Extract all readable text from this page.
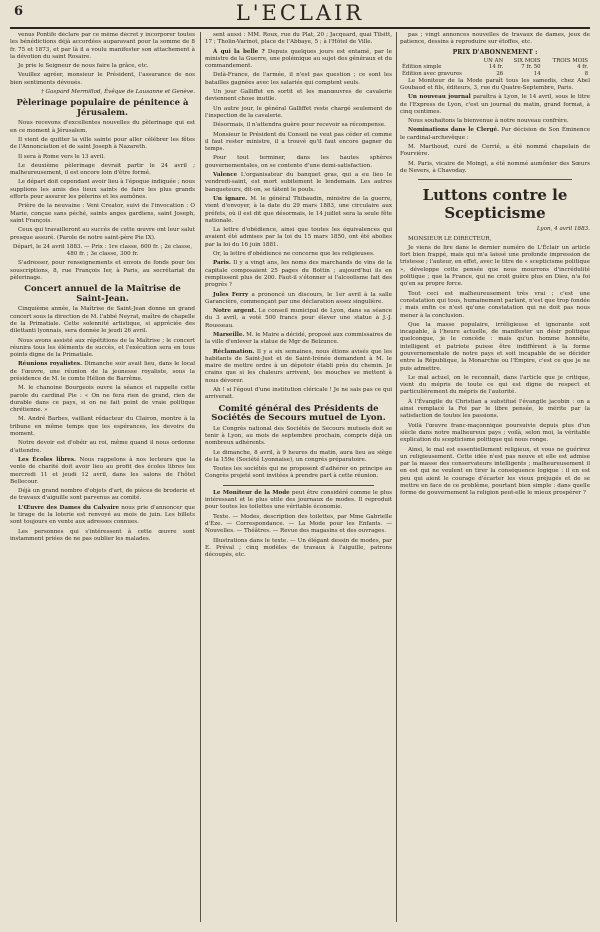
6	L'ECLAIR

venus Pontife déclare par ce même décret y incorporer toutes les bénédictions déjà accordées auparavant pour la somme de 8 fr. 75 et 1873, et par là il a voulu manifester son attachement à la dévotion du saint Rosaire.

Je prie le Seigneur de nous faire la grâce, etc.

Veuillez agréer, monsieur le Président, l'assurance de nos bien sentiments dévoués.

† Gaspard Mermillod, Évêque de Lausanne et Genève.
Pèlerinage populaire de pénitence à Jérusalem.

Nous recevons d'excellentes nouvelles du pèlerinage qui est en ce moment à Jérusalem.

Il vient de quitter la ville sainte pour aller célébrer les fêtes de l'Annonciation et de saint Joseph à Nazareth.

Il sera à Rome vers le 13 avril.

Le deuxième pèlerinage devrait partir le 24 avril ; malheureusement, il est encore loin d'être formé.

Le départ doit cependant avoir lieu à l'époque indiquée ; nous supplions les amis des lieux saints de faire les plus grands efforts pour assurer les pèlerins et les aumônes.

Prière de la neuvaine : Veni Creator, suivi de l'invocation : O Marie, conçue sans péché, saints anges gardiens, saint Joseph, saint François.

Ceux qui travailleront au succès de cette œuvre ont leur salut presque assuré. (Parole de notre saint-père Pie IX).

Départ, le 24 avril 1883. — Prix : 1re classe, 600 fr. ; 2e classe, 480 fr. ; 3e classe, 300 fr.

S'adresser, pour renseignements et envois de fonds pour les souscriptions, 8, rue François Ier, à Paris, au secrétariat du pèlerinage.

Concert annuel de la Maîtrise de Saint-Jean.

Cinquième année, la Maîtrise de Saint-Jean donne un grand concert sous la direction de M. l'abbé Neyrat, maître de chapelle de la Primatiale. Cette solennité artistique, si appréciée des dilettanti lyonnais, sera donnée le jeudi 26 avril.

Nous avons assisté aux répétitions de la Maîtrise ; le concert réunira tous les éléments de succès, et l'exécution sera en tous points digne de la Primatiale.

Réunions royalistes. Dimanche soir avait lieu, dans le local de l'œuvre, une réunion de la jeunesse royaliste, sous la présidence de M. le comte Hélion de Barrême.

M. le chanoine Bourgeois ouvre la séance et rappelle cette parole du cardinal Pie : « On ne fera rien de grand, rien de durable dans ce pays, si on ne fait point de vraie politique chrétienne. »

M. André Barbes, vaillant rédacteur du Clairon, montre à la tribune en même temps que les espérances, les devoirs du moment.

Notre devoir est d'obéir au roi, même quand il nous ordonne d'attendre.

Les Écoles libres. Nous rappelons à nos lecteurs que la vente de charité doit avoir lieu au profit des écoles libres les mercredi 11 et jeudi 12 avril, dans les salons de l'hôtel Bellecour.

Déjà un grand nombre d'objets d'art, de pièces de broderie et de travaux d'aiguille sont parvenus au comité.

L'Œuvre des Dames du Calvaire nous prie d'annoncer que le tirage de la loterie est renvoyé au mois de juin. Les billets sont toujours en vente aux adresses connues.

Les personnes qui s'intéressent à cette œuvre sont instamment priées de ne pas oublier les malades.

sent aussi : MM. Roux, rue du Plat, 20 ; Jacquard, quai Tilsitt, 17 ; Tholin-Varinot, place de l'Abbaye, 5 ; à l'Hôtel de Ville.

À qui la belle ? Depuis quelques jours est entamé, par le ministre de la Guerre, une polémique au sujet des généraux et du commandement.

Delà-France, de l'armée, il n'est pas question ; ce sont les batailles gagnées avec les salariés qui comptent seuls.

Un jour Galliffet en sortit et les manœuvres de cavalerie deviennent chose inutile.

Un autre jour, le général Galliffet reste chargé seulement de l'inspection de la cavalerie.

Désormais, il n'attendra guère pour recevoir sa récompense.

Monsieur le Président du Conseil ne veut pas céder et comme il faut rester ministre, il a trouvé qu'il faut encore gagner du temps.

Pour tout terminer, dans les hautes sphères gouvernementales, on se contente d'une demi-satisfaction.

Valence L'organisateur du banquet gras, qui a eu lieu le vendredi-saint, est mort subitement le lendemain. Les autres banqueteurs, dit-on, se tâtent le pouls.

Un ignare. M. le général Thibaudin, ministre de la guerre, vient d'envoyer, à la date du 29 mars 1883, une circulaire aux préfets, où il est dit que désormais, le 14 juillet sera la seule fête nationale.

La lettre d'obédience, ainsi que toutes les équivalences qui avaient été admises par la loi du 15 mars 1850, ont été abolies par la loi du 16 juin 1881.

Or, la lettre d'obédience ne concerne que les religieuses.

Paris. Il y a vingt ans, les noms des marchands de vins de la capitale composaient 25 pages du Bottin ; aujourd'hui ils en remplissent plus de 200. Faut-il s'étonner si l'alcoolisme fait des progrès ?

Jules Ferry a prononcé un discours, le 1er avril à la salle Garancière, commençant par une déclaration assez singulière.

Notre argent. Le conseil municipal de Lyon, dans sa séance du 3 avril, a voté 500 francs pour élever une statue à J.-J. Rousseau.

Marseille. M. le Maire a décidé, proposé aux commissaires de la ville d'enlever la statue de Mgr de Belzunce.

Réclamation. Il y a six semaines, nous étions avisés que les habitants de Saint-Just et de Saint-Irénée demandent à M. le maire de mettre ordre à un dépotoir établi près du chemin. Je crains que si les chaleurs arrivent, les mouches se mettent à nous dévorer.

Ah ! si l'égout d'une institution cléricale ! Je ne sais pas ce qui arriverait.

Comité général des Présidents de Sociétés de Secours mutuel de Lyon.

Le Congrès national des Sociétés de Secours mutuels doit se tenir à Lyon, au mois de septembre prochain, compris déjà un nombreux adhérents.

Le dimanche, 8 avril, à 9 heures du matin, aura lieu au siège de la 159e (Société Lyonnaise), un congrès préparatoire.

Toutes les sociétés qui ne proposent d'adhérer en principe au Congrès projeté sont invitées à prendre part à cette réunion.

Le Moniteur de la Mode peut être considéré comme le plus intéressant et le plus utile des journaux de modes. Il reproduit pour toutes les toilettes une véritable économie.

Texte. — Modes, description des toilettes, par Mme Gabrielle d'Èze. — Correspondance. — La Mode pour les Enfants. — Nouvelles. — Théâtres. — Revue des magasins et des ouvrages.

Illustrations dans le texte. — Un élégant dessin de modes, par E. Préval ; cinq modèles de travaux à l'aiguille, patrons découpés, etc.

pas ; vingt annonces nouvelles de travaux de dames, jeux de patience, dessins à reproduire sur étoffes, etc.

PRIX D'ABONNEMENT :
	UN AN	SIX MOIS	TROIS MOIS
Édition simple	14 fr.	7 fr. 50	4 fr.
Édition avec gravures	26	14	8

Le Moniteur de la Mode paraît tous les samedis, chez Abel Goubaud et fils, éditeurs, 3, rue du Quatre-Septembre, Paris.

Un nouveau journal paraîtra à Lyon, le 14 avril, sous le titre de l'Express de Lyon, c'est un journal du matin, grand format, à cinq centimes.

Nous souhaitons la bienvenue à notre nouveau confrère.

Nominations dans le Clergé. Par décision de Son Éminence le cardinal-archevêque :

M. Marthoud, curé de Cerrié, a été nommé chapelain de Fourvière.

M. Paris, vicaire de Moingt, a été nommé aumônier des Sœurs de Nevers, à Chavoday.

Luttons contre le Scepticisme
Lyon, 4 avril 1883.

MONSIEUR LE DIRECTEUR,

Je viens de lire dans le dernier numéro de L'Éclair un article fort bien frappé, mais qui m'a laissé une profonde impression de tristesse ; l'auteur, en effet, avec le titre de « scepticisme politique », développe cette pensée que nous mourrons d'incrédulité politique ; que la France, qui ne croit guère plus en Dieu, n'a foi qu'en sa propre force.

Tout ceci est malheureusement très vrai ; c'est une constatation qui tous, humainement parlant, n'est que trop fondée ; mais enfin ce n'est qu'une constatation qui ne doit pas nous mener à la conclusion.

Que la masse populaire, irréligieuse et ignorante soit incapable, à l'heure actuelle, de manifester un désir politique quelconque, je le concède : mais qu'un homme honnête, intelligent et patriote puisse être indifférent à la forme gouvernementale de notre pays et soit incapable de se décider entre la République, la Monarchie ou l'Empire, c'est ce que je ne puis admettre.

Le mal actuel, on le reconnaît, dans l'article que je critique, vient du mépris de toute ce qui est digne de respect et particulièrement du mépris de l'autorité.

À l'Évangile du Christian a substitué l'évangile jacobin : on a ainsi remplacé la Foi par le libre pensée, le mérite par la satisfaction de toutes les passions.

Voilà l'œuvre franc-maçonnique poursuivie depuis plus d'un siècle dans notre malheureux pays ; voilà, selon moi, la véritable explication du scepticisme politique qui nous ronge.

Ainsi, le mal est essentiellement religieux, et vous ne guérirez un religieusement. Cette idée n'est pas neuve et elle est admise par la masse des conservateurs intelligents ; malheureusement il en est qui ne veulent en tirer la conséquence logique : il en est peu qui aient le courage d'écarter les vieux préjugés et de se mettre en face de ce problème, pourtant bien simple : dans quelle forme de gouvernement la religion peut-elle le mieux prospérer ?
